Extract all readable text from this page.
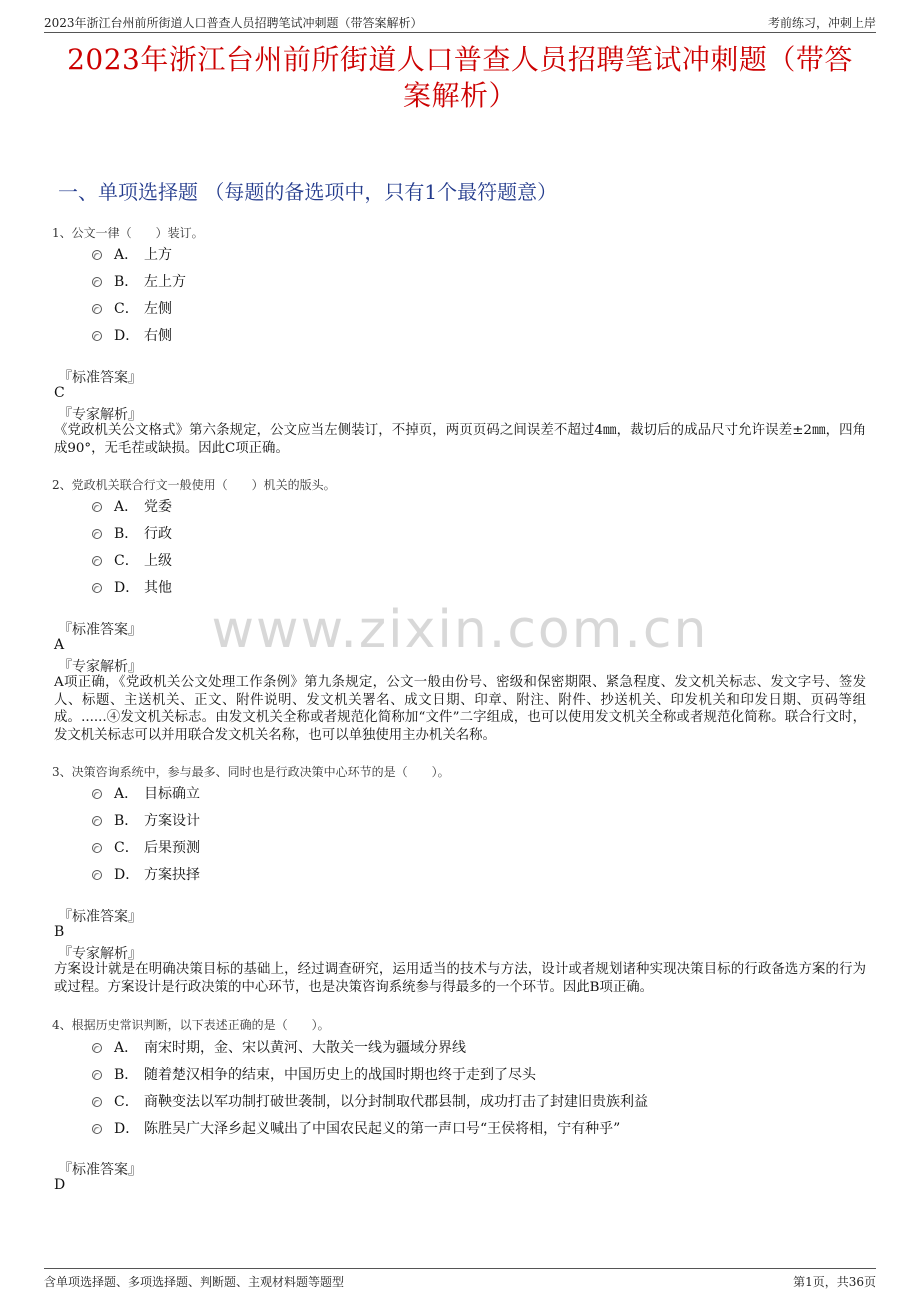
2023年浙江台州前所街道人口普查人员招聘笔试冲刺题（带答案解析）	考前练习，冲刺上岸
2023年浙江台州前所街道人口普查人员招聘笔试冲刺题（带答
案解析）
一、单项选择题 （每题的备选项中，只有1个最符题意）
www.zixin.com.cn
1、公文一律（　　）装订。
A． 上方
B． 左上方
C． 左侧
D． 右侧
『标准答案』
C
『专家解析』
《党政机关公文格式》第六条规定，公文应当左侧装订，不掉页，两页页码之间误差不超过4㎜，裁切后的成品尺寸允许误差±2㎜，四角成90°，无毛茬或缺损。因此C项正确。
2、党政机关联合行文一般使用（　　）机关的版头。
A． 党委
B． 行政
C． 上级
D． 其他
『标准答案』
A
『专家解析』
A项正确，《党政机关公文处理工作条例》第九条规定，公文一般由份号、密级和保密期限、紧急程度、发文机关标志、发文字号、签发人、标题、主送机关、正文、附件说明、发文机关署名、成文日期、印章、附注、附件、抄送机关、印发机关和印发日期、页码等组成。......④发文机关标志。由发文机关全称或者规范化简称加“文件”二字组成，也可以使用发文机关全称或者规范化简称。联合行文时，发文机关标志可以并用联合发文机关名称，也可以单独使用主办机关名称。
3、决策咨询系统中，参与最多、同时也是行政决策中心环节的是（　　）。
A． 目标确立
B． 方案设计
C． 后果预测
D． 方案抉择
『标准答案』
B
『专家解析』
方案设计就是在明确决策目标的基础上，经过调查研究，运用适当的技术与方法，设计或者规划诸种实现决策目标的行政备选方案的行为或过程。方案设计是行政决策的中心环节，也是决策咨询系统参与得最多的一个环节。因此B项正确。
4、根据历史常识判断，以下表述正确的是（　　）。
A． 南宋时期，金、宋以黄河、大散关一线为疆域分界线
B． 随着楚汉相争的结束，中国历史上的战国时期也终于走到了尽头
C． 商鞅变法以军功制打破世袭制，以分封制取代郡县制，成功打击了封建旧贵族利益
D． 陈胜吴广大泽乡起义喊出了中国农民起义的第一声口号“王侯将相，宁有种乎”
『标准答案』
D
含单项选择题、多项选择题、判断题、主观材料题等题型	第1页，共36页
